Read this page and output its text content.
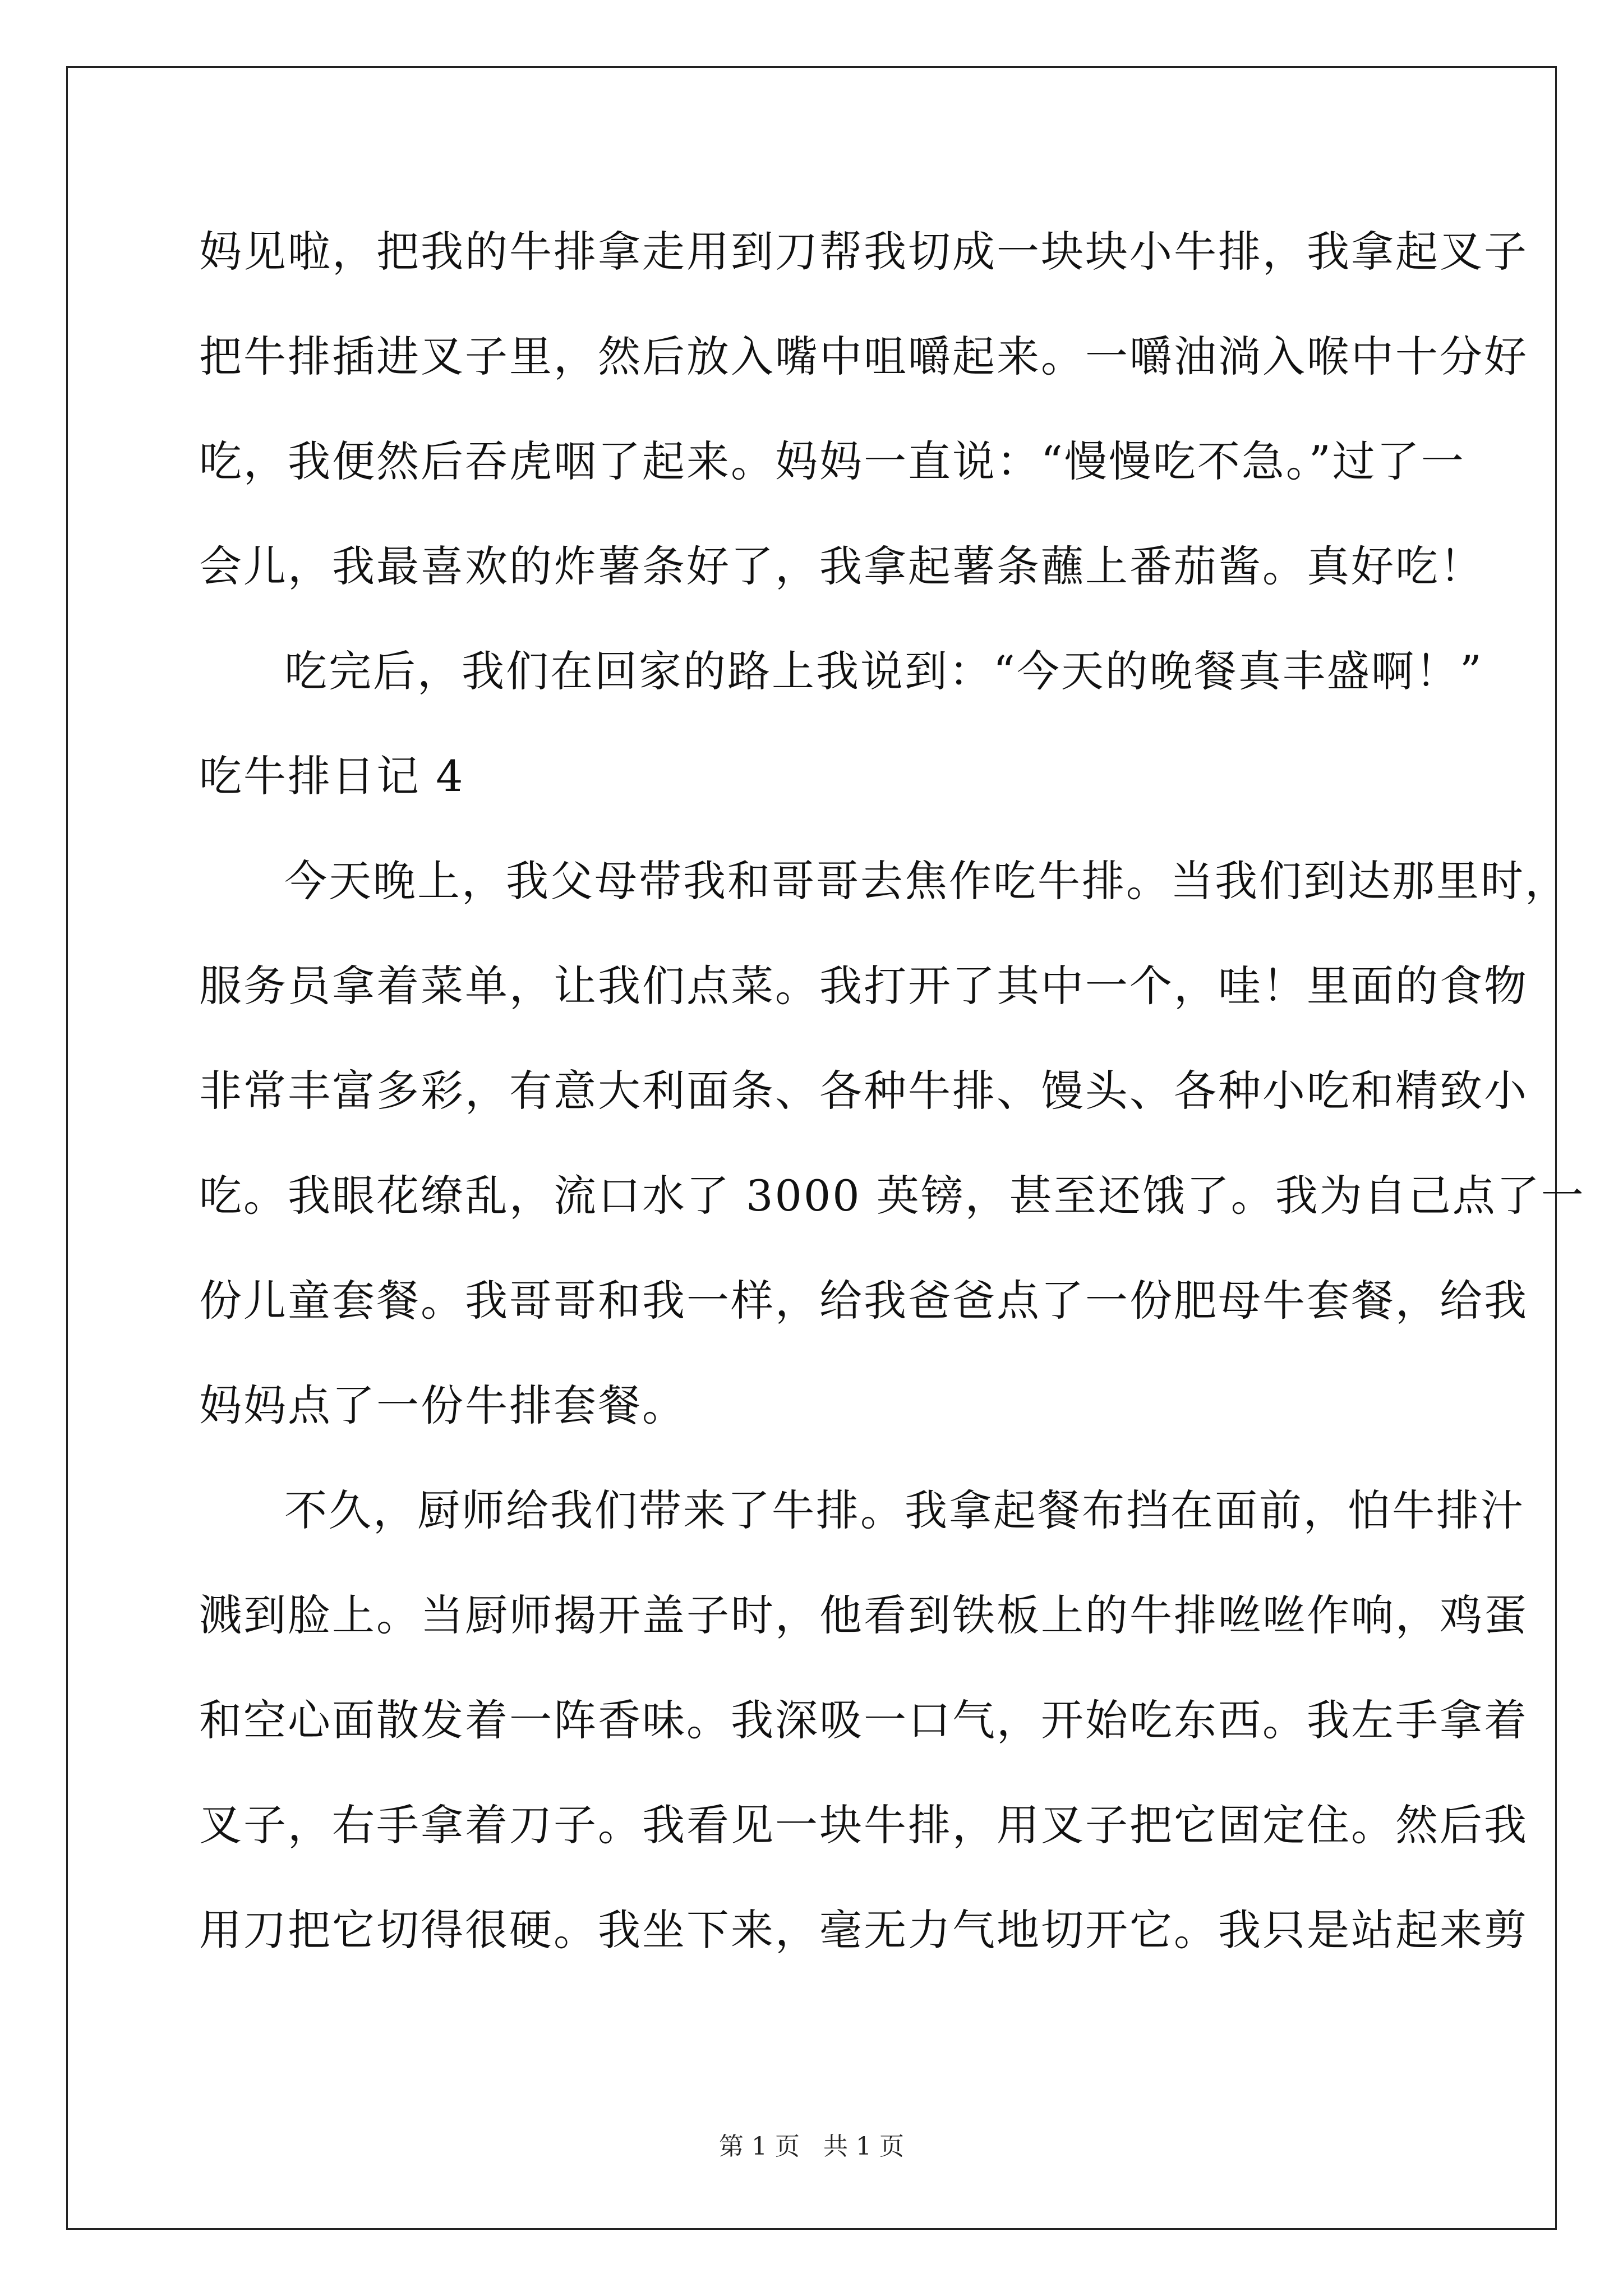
妈见啦，把我的牛排拿走用到刀帮我切成一块块小牛排，我拿起叉子
把牛排插进叉子里，然后放入嘴中咀嚼起来。一嚼油淌入喉中十分好
吃，我便然后吞虎咽了起来。妈妈一直说：“慢慢吃不急。”过了一
会儿，我最喜欢的炸薯条好了，我拿起薯条蘸上番茄酱。真好吃！
吃完后，我们在回家的路上我说到：“今天的晚餐真丰盛啊！”
吃牛排日记 4
今天晚上，我父母带我和哥哥去焦作吃牛排。当我们到达那里时，
服务员拿着菜单，让我们点菜。我打开了其中一个，哇！里面的食物
非常丰富多彩，有意大利面条、各种牛排、馒头、各种小吃和精致小
吃。我眼花缭乱，流口水了 3000 英镑，甚至还饿了。我为自己点了一
份儿童套餐。我哥哥和我一样，给我爸爸点了一份肥母牛套餐，给我
妈妈点了一份牛排套餐。
不久，厨师给我们带来了牛排。我拿起餐布挡在面前，怕牛排汁
溅到脸上。当厨师揭开盖子时，他看到铁板上的牛排咝咝作响，鸡蛋
和空心面散发着一阵香味。我深吸一口气，开始吃东西。我左手拿着
叉子，右手拿着刀子。我看见一块牛排，用叉子把它固定住。然后我
用刀把它切得很硬。我坐下来，毫无力气地切开它。我只是站起来剪
第 1 页   共 1 页
